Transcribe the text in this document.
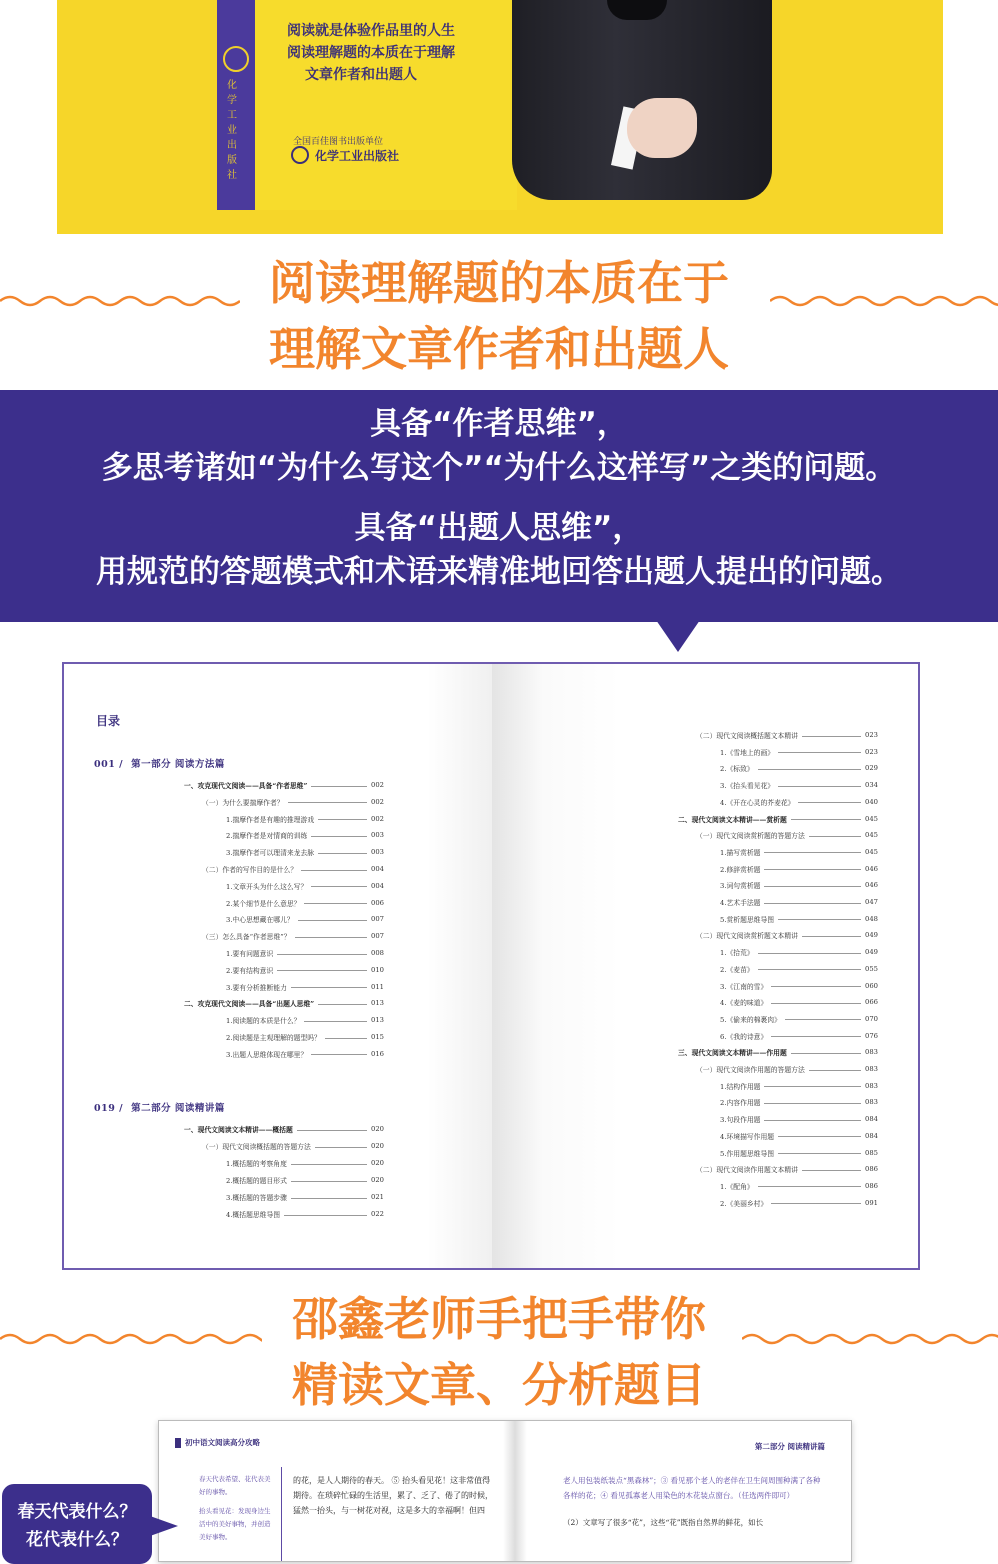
化学工业出版社
阅读就是体验作品里的人生
阅读理解题的本质在于理解
文章作者和出题人
全国百佳图书出版单位
化学工业出版社
阅读理解题的本质在于
理解文章作者和出题人
具备“作者思维”，
多思考诸如“为什么写这个”“为什么这样写”之类的问题。
具备“出题人思维”，
用规范的答题模式和术语来精准地回答出题人提出的问题。
目录
001 / 第一部分 阅读方法篇
019 / 第二部分 阅读精讲篇
一、攻克现代文阅读——具备“作者思维”	002
（一）为什么要揣摩作者？	002
1.揣摩作者是有趣的推理游戏	002
2.揣摩作者是对情商的训练	003
3.揣摩作者可以理清来龙去脉	003
（二）作者的写作目的是什么？	004
1.文章开头为什么这么写？	004
2.某个细节是什么意思？	006
3.中心思想藏在哪儿？	007
（三）怎么具备“作者思维”？	007
1.要有问题意识	008
2.要有结构意识	010
3.要有分析推断能力	011
二、攻克现代文阅读——具备“出题人思维”	013
1.阅读题的本质是什么？	013
2.阅读题是主观理解的题型吗？	015
3.出题人思维体现在哪里？	016
一、现代文阅读文本精讲——概括题	020
（一）现代文阅读概括题的答题方法	020
1.概括题的考察角度	020
2.概括题的题目形式	020
3.概括题的答题步骤	021
4.概括题思维导图	022
（二）现代文阅读概括题文本精讲	023
1.《雪地上的画》	023
2.《标致》	029
3.《抬头看见花》	034
4.《开在心灵的芥麦花》	040
二、现代文阅读文本精讲——赏析题	045
（一）现代文阅读赏析题的答题方法	045
1.描写赏析题	045
2.修辞赏析题	046
3.词句赏析题	046
4.艺术手法题	047
5.赏析题思维导图	048
（二）现代文阅读赏析题文本精讲	049
1.《拾荒》	049
2.《麦苗》	055
3.《江南的雪》	060
4.《麦的味道》	066
5.《偷来的棉裹肉》	070
6.《我的诗意》	076
三、现代文阅读文本精讲——作用题	083
（一）现代文阅读作用题的答题方法	083
1.结构作用题	083
2.内容作用题	083
3.句段作用题	084
4.环境描写作用题	084
5.作用题思维导图	085
（二）现代文阅读作用题文本精讲	086
1.《配角》	086
2.《美丽乡村》	091
邵鑫老师手把手带你
精读文章、分析题目
初中语文阅读高分攻略	第二部分 阅读精讲篇
春天代表希望、花代表美好的事物。
抬头看见花：发现身边生活中的美好事物，并创造美好事物。
的花，是人人期待的春天。 ⑤ 抬头看见花！这非常值得期待。在琐碎忙碌的生活里，累了、乏了、倦了的时候，猛然一抬头，与一树花对视，这是多大的幸福啊！但四
老人用包装纸装点“黑森林”；③ 看见那个老人的老伴在卫生间周围种满了各种各样的花；④ 看见孤寡老人用染色的木花装点窗台。（任选两件即可）
（2）文章写了很多“花”，这些“花”既指自然界的鲜花，如长
春天代表什么？
花代表什么？
